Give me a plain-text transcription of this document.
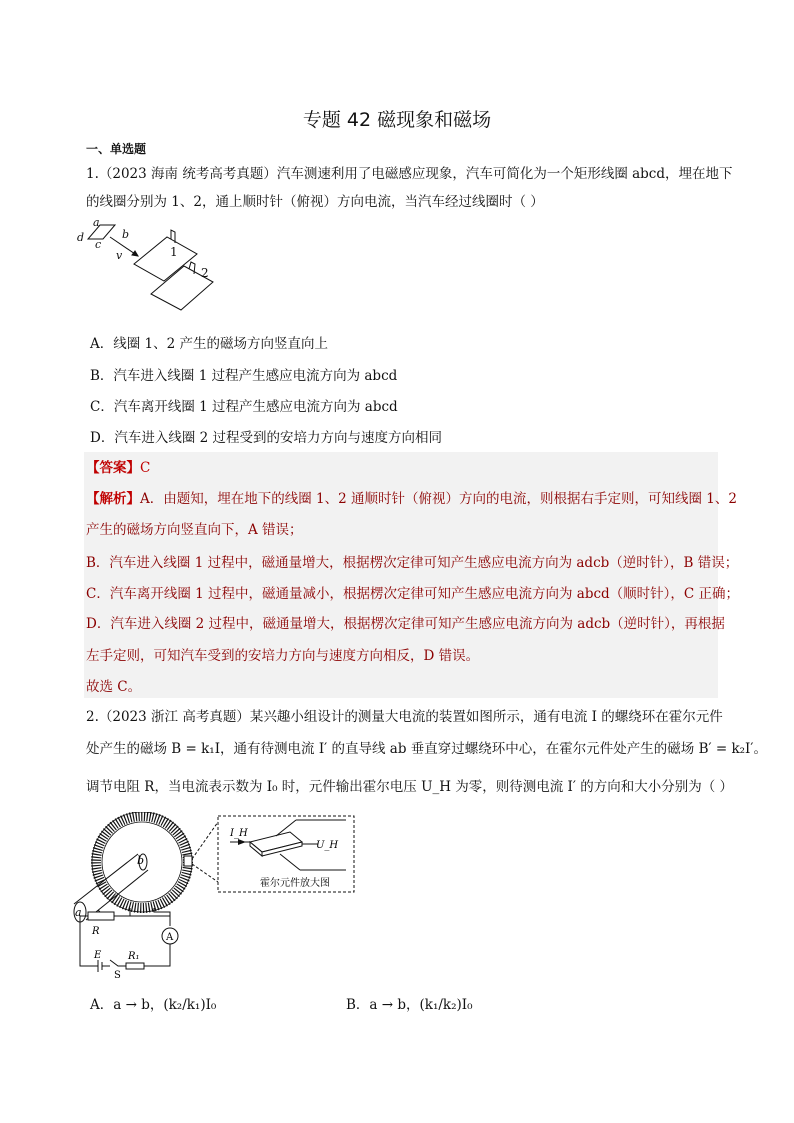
专题 42 磁现象和磁场
一、单选题
1.（2023 海南 统考高考真题）汽车测速利用了电磁感应现象，汽车可简化为一个矩形线圈 abcd，埋在地下
的线圈分别为 1、2，通上顺时针（俯视）方向电流，当汽车经过线圈时（ ）
a
b
c
d
v	1
2
A．线圈 1、2 产生的磁场方向竖直向上
B．汽车进入线圈 1 过程产生感应电流方向为 abcd
C．汽车离开线圈 1 过程产生感应电流方向为 abcd
D．汽车进入线圈 2 过程受到的安培力方向与速度方向相同
【答案】C
【解析】A．由题知，埋在地下的线圈 1、2 通顺时针（俯视）方向的电流，则根据右手定则，可知线圈 1、2
产生的磁场方向竖直向下，A 错误；
B．汽车进入线圈 1 过程中，磁通量增大，根据楞次定律可知产生感应电流方向为 adcb（逆时针），B 错误；
C．汽车离开线圈 1 过程中，磁通量减小，根据楞次定律可知产生感应电流方向为 abcd（顺时针），C 正确；
D．汽车进入线圈 2 过程中，磁通量增大，根据楞次定律可知产生感应电流方向为 adcb（逆时针），再根据
左手定则，可知汽车受到的安培力方向与速度方向相反，D 错误。
故选 C。
2.（2023 浙江 高考真题）某兴趣小组设计的测量大电流的装置如图所示，通有电流 I 的螺绕环在霍尔元件
处产生的磁场 B = k₁I，通有待测电流 I′ 的直导线 ab 垂直穿过螺绕环中心，在霍尔元件处产生的磁场 B′ = k₂I′。
调节电阻 R，当电流表示数为 I₀ 时，元件输出霍尔电压 U_H 为零，则待测电流 I′ 的方向和大小分别为（ ）
a
b
I_H
U_H
霍尔元件放大图
R
A
E
S
R₁
A．a → b，(k₂/k₁)I₀	B．a → b，(k₁/k₂)I₀
